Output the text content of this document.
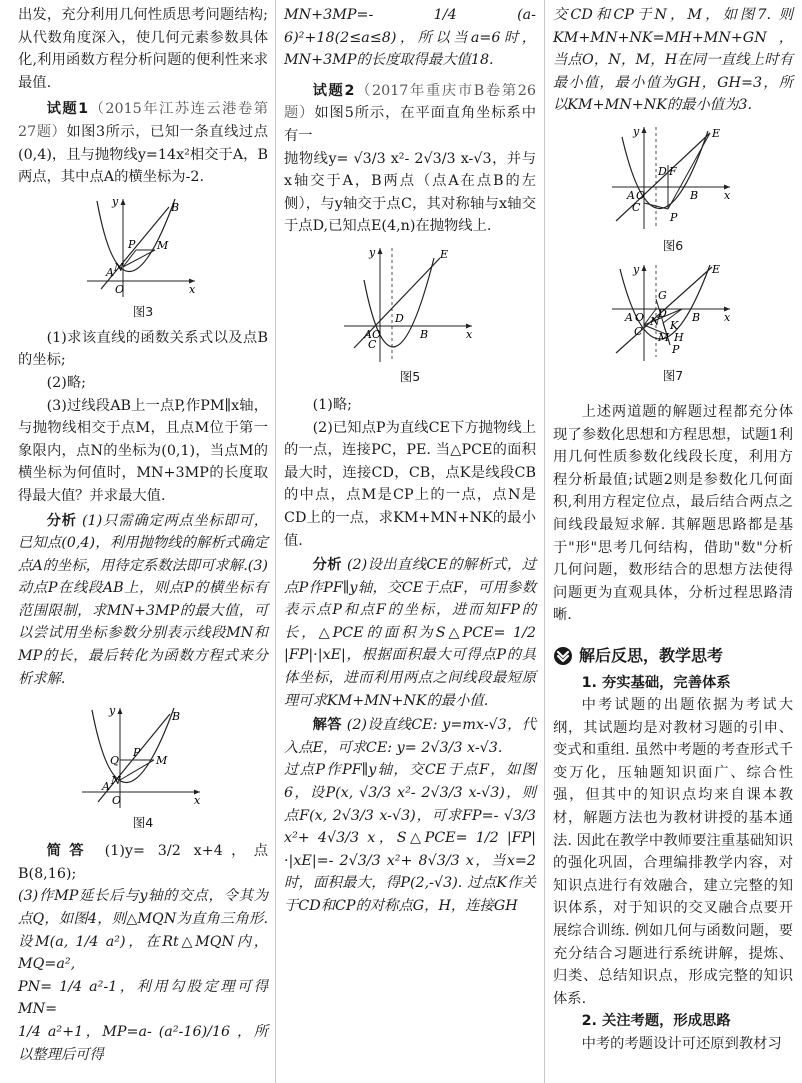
出发，充分利用几何性质思考问题结构;从代数角度深入，使几何元素参数具体化,利用函数方程分析问题的便利性来求最值.

试题1（2015年江苏连云港卷第27题）如图3所示，已知一条直线过点(0,4)，且与抛物线y=14x²相交于A，B两点，其中点A的横坐标为-2.

y	B
P M
A N
O	x
图3

(1)求该直线的函数关系式以及点B的坐标;

(2)略;

(3)过线段AB上一点P,作PM∥x轴，与抛物线相交于点M，且点M位于第一象限内，点N的坐标为(0,1)，当点M的横坐标为何值时，MN+3MP的长度取得最大值？并求最大值.

分析 (1)只需确定两点坐标即可，已知点(0,4)，利用抛物线的解析式确定点A的坐标，用待定系数法即可求解.(3)动点P在线段AB上，则点P的横坐标有范围限制，求MN+3MP的最大值，可以尝试用坐标参数分别表示线段MN和MP的长，最后转化为函数方程式来分析求解.

y	B
Q
P
M
N
A
O	x
图4

简答 (1)y= 3/2 x+4，点B(8,16);

(3)作MP延长后与y轴的交点，令其为点Q，如图4，则△MQN为直角三角形.设M(a, 1/4 a²)，在Rt△MQN内，MQ=a²,

PN= 1/4 a²-1，利用勾股定理可得MN=

1/4 a²+1，MP=a- (a²-16)/16 ，所以整理后可得

MN+3MP=- 1/4 (a-6)²+18(2≤a≤8)，所以当a=6时，MN+3MP的长度取得最大值18.

试题2（2017年重庆市B卷第26题）如图5所示，在平面直角坐标系中有一

抛物线y= √3/3 x²- 2√3/3 x-√3，并与x轴交于A，B两点（点A在点B的左侧），与y轴交于点C，其对称轴与x轴交于点D,已知点E(4,n)在抛物线上.

y	E
D
A O	B	x
C
图5

(1)略;

(2)已知点P为直线CE下方抛物线上的一点，连接PC，PE. 当△PCE的面积最大时，连接CD，CB，点K是线段CB的中点，点M是CP上的一点，点N是CD上的一点，求KM+MN+NK的最小值.

分析 (2)设出直线CE的解析式，过点P作PF∥y轴，交CE于点F，可用参数表示点P和点F的坐标，进而知FP的长，△PCE的面积为S△PCE= 1/2 |FP|·|xE|，根据面积最大可得点P的具体坐标，进而利用两点之间线段最短原理可求KM+MN+NK的最小值.

解答 (2)设直线CE: y=mx-√3，代入点E，可求CE: y= 2√3/3 x-√3.

过点P作PF∥y轴，交CE于点F，如图6，设P(x, √3/3 x²- 2√3/3 x-√3)，则点F(x, 2√3/3 x-√3)，可求FP=- √3/3 x²+ 4√3/3 x，S△PCE= 1/2 |FP|·|xE|=- 2√3/3 x²+ 8√3/3 x，当x=2时，面积最大，得P(2,-√3). 过点K作关于CD和CP的对称点G，H，连接GH

交CD和CP于N，M，如图7. 则KM+MN+NK=MH+MN+GN，当点O，N，M，H在同一直线上时有最小值，最小值为GH，GH=3，所以KM+MN+NK的最小值为3.

y	E
D F
A O	B x
C
P
图6
y	E
G
D
N
A O	B x
C	K
M H
P
图7

上述两道题的解题过程都充分体现了参数化思想和方程思想，试题1利用几何性质参数化线段长度，利用方程分析最值;试题2则是参数化几何面积,利用方程定位点，最后结合两点之间线段最短求解. 其解题思路都是基于"形"思考几何结构，借助"数"分析几何问题，数形结合的思想方法使得问题更为直观具体，分析过程思路清晰.

解后反思，教学思考

1. 夯实基础，完善体系

中考试题的出题依据为考试大纲，其试题均是对教材习题的引申、变式和重组. 虽然中考题的考查形式千变万化，压轴题知识面广、综合性强，但其中的知识点均来自课本教材，解题方法也为教材讲授的基本通法. 因此在教学中教师要注重基础知识的强化巩固，合理编排教学内容，对知识点进行有效融合，建立完整的知识体系，对于知识的交叉融合点要开展综合训练. 例如几何与函数问题，要充分结合习题进行系统讲解，提炼、归类、总结知识点，形成完整的知识体系.

2. 关注考题，形成思路

中考的考题设计可还原到教材习
